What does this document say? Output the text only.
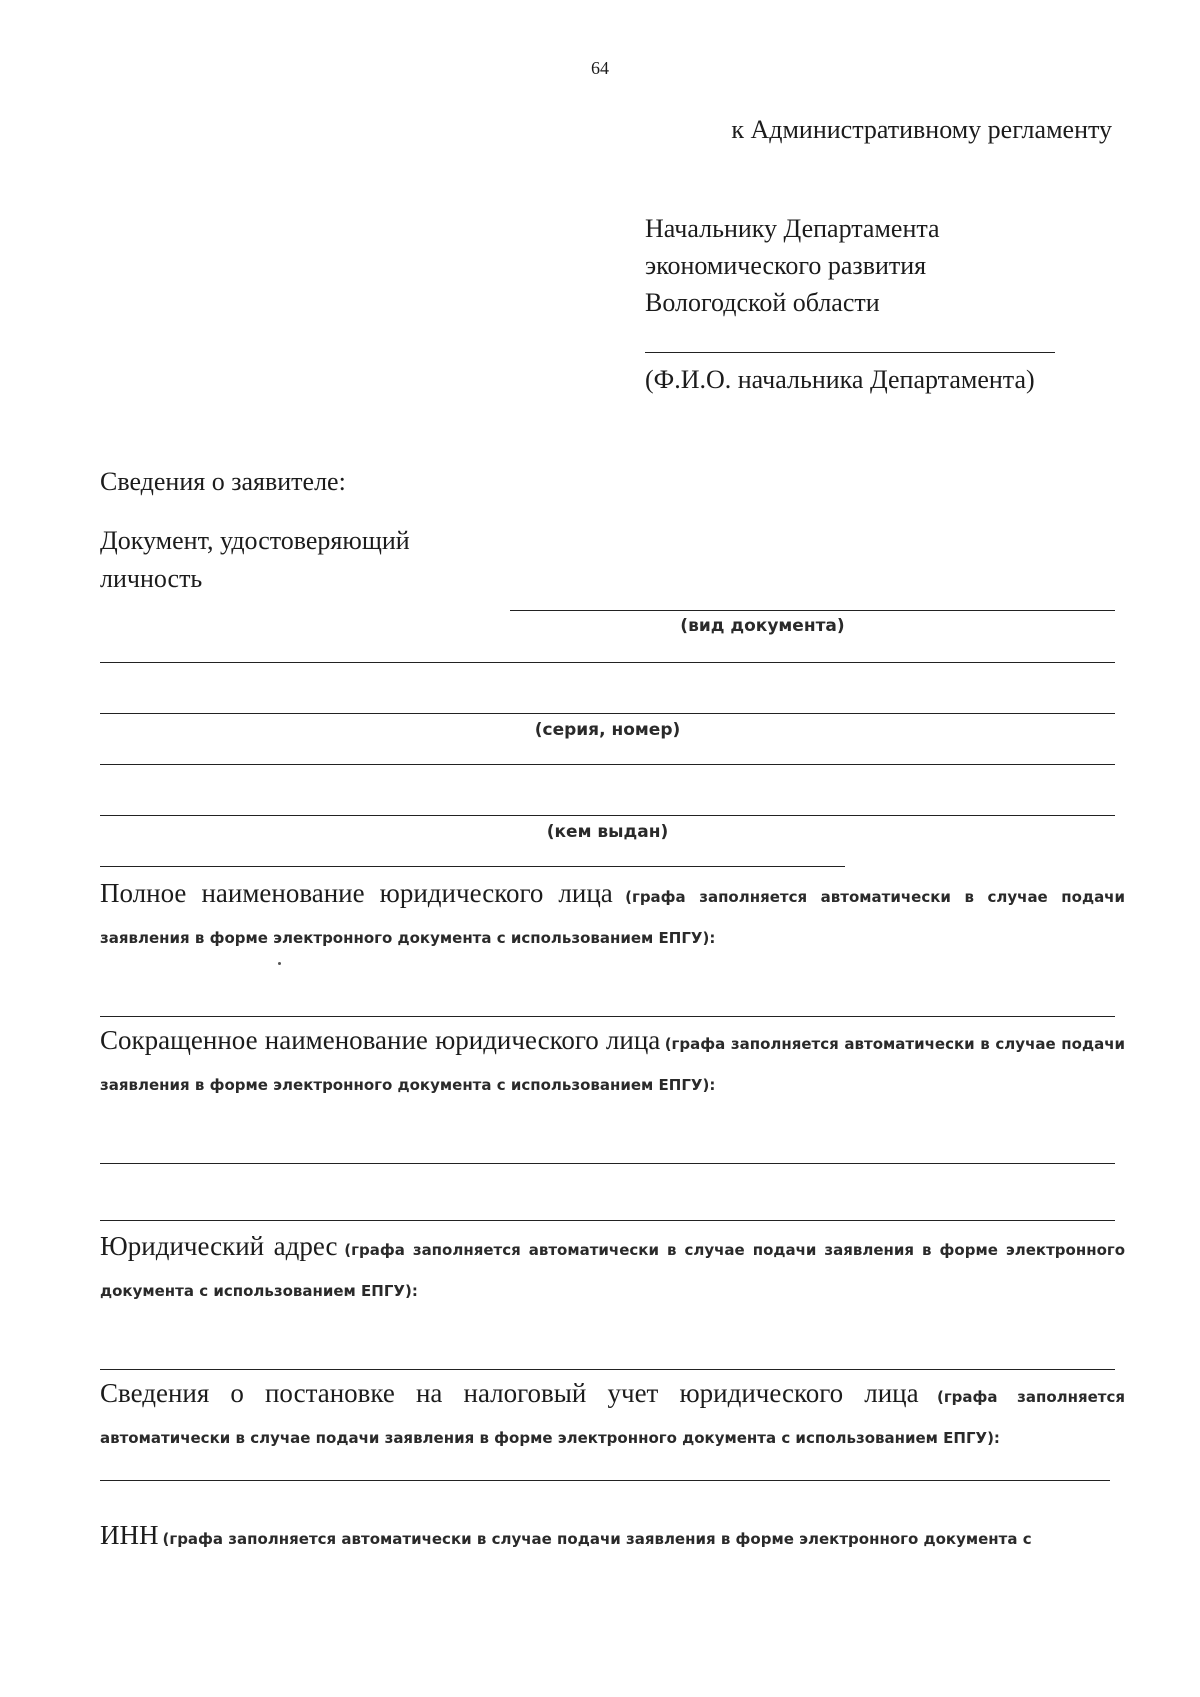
64
к Административному регламенту
Начальнику Департамента
экономического развития
Вологодской области
(Ф.И.О. начальника Департамента)
Сведения о заявителе:
Документ, удостоверяющий
личность
(вид документа)
(серия, номер)
(кем выдан)
Полное наименование юридического лица (графа заполняется автоматически в случае подачи заявления в форме электронного документа с использованием ЕПГУ):
Сокращенное наименование юридического лица (графа заполняется автоматически в случае подачи заявления в форме электронного документа с использованием ЕПГУ):
Юридический адрес (графа заполняется автоматически в случае подачи заявления в форме электронного документа с использованием ЕПГУ):
Сведения о постановке на налоговый учет юридического лица (графа заполняется автоматически в случае подачи заявления в форме электронного документа с использованием ЕПГУ):
ИНН (графа заполняется автоматически в случае подачи заявления в форме электронного документа с
